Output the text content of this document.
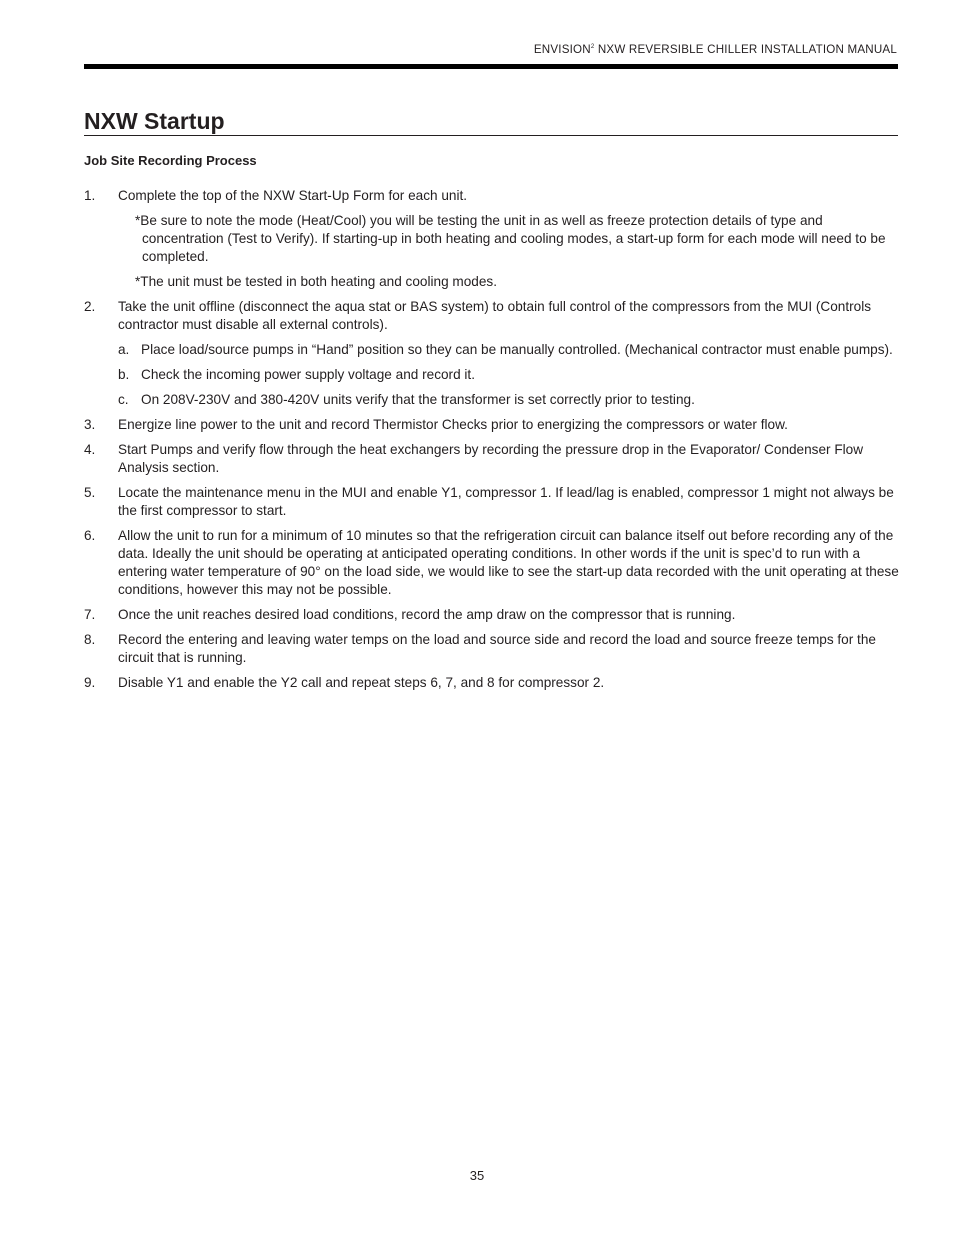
ENVISION$^2$ NXW REVERSIBLE CHILLER INSTALLATION MANUAL
NXW Startup
Job Site Recording Process
1. Complete the top of the NXW Start-Up Form for each unit.
*Be sure to note the mode (Heat/Cool) you will be testing the unit in as well as freeze protection details of type and concentration (Test to Verify). If starting-up in both heating and cooling modes, a start-up form for each mode will need to be completed.
*The unit must be tested in both heating and cooling modes.
2. Take the unit offline (disconnect the aqua stat or BAS system) to obtain full control of the compressors from the MUI (Controls contractor must disable all external controls).
a. Place load/source pumps in “Hand” position so they can be manually controlled. (Mechanical contractor must enable pumps).
b. Check the incoming power supply voltage and record it.
c. On 208V-230V and 380-420V units verify that the transformer is set correctly prior to testing.
3. Energize line power to the unit and record Thermistor Checks prior to energizing the compressors or water flow.
4. Start Pumps and verify flow through the heat exchangers by recording the pressure drop in the Evaporator/ Condenser Flow Analysis section.
5. Locate the maintenance menu in the MUI and enable Y1, compressor 1. If lead/lag is enabled, compressor 1 might not always be the first compressor to start.
6. Allow the unit to run for a minimum of 10 minutes so that the refrigeration circuit can balance itself out before recording any of the data. Ideally the unit should be operating at anticipated operating conditions. In other words if the unit is spec’d to run with a entering water temperature of 90° on the load side, we would like to see the start-up data recorded with the unit operating at these conditions, however this may not be possible.
7. Once the unit reaches desired load conditions, record the amp draw on the compressor that is running.
8. Record the entering and leaving water temps on the load and source side and record the load and source freeze temps for the circuit that is running.
9. Disable Y1 and enable the Y2 call and repeat steps 6, 7, and 8 for compressor 2.
35
